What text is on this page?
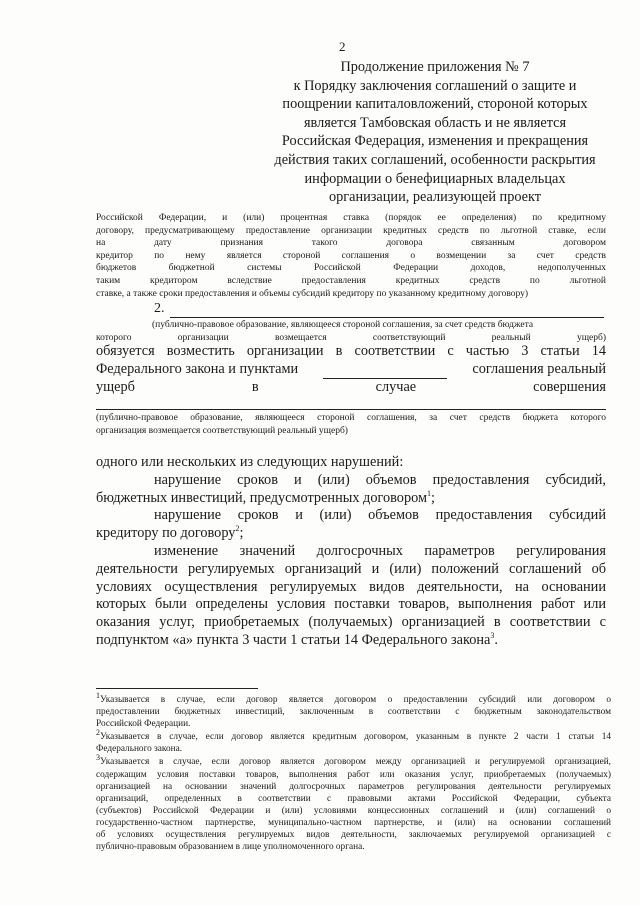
2
Продолжение приложения № 7
к Порядку заключения соглашений о защите и
поощрении капиталовложений, стороной которых
является Тамбовская область и не является
Российская Федерация, изменения и прекращения
действия таких соглашений, особенности раскрытия
информации о бенефициарных владельцах
организации, реализующей проект
Российской Федерации, и (или) процентная ставка (порядок ее определения) по кредитному
договору, предусматривающему предоставление организации кредитных средств по льготной ставке, если
на дату признания такого договора связанным договором
кредитор по нему является стороной соглашения о возмещении за счет средств
бюджетов бюджетной системы Российской Федерации доходов, недополученных
таким кредитором вследствие предоставления кредитных средств по льготной
ставке, а также сроки предоставления и объемы субсидий кредитору по указанному кредитному договору)
2.
(публично-правовое образование, являющееся стороной соглашения, за счет средств бюджета
которого организации возмещается соответствующий реальный ущерб)
обязуется возместить организации в соответствии с частью 3 статьи 14
Федерального закона и пунктами	соглашения реальный
ущерб в случае совершения
(публично-правовое образование, являющееся стороной соглашения, за счет средств бюджета которого
организация возмещается соответствующий реальный ущерб)
одного или нескольких из следующих нарушений:
нарушение сроков и (или) объемов предоставления субсидий,
бюджетных инвестиций, предусмотренных договором$^1$;
нарушение сроков и (или) объемов предоставления субсидий
кредитору по договору$^2$;
изменение значений долгосрочных параметров регулирования
деятельности регулируемых организаций и (или) положений соглашений об
условиях осуществления регулируемых видов деятельности, на основании
которых были определены условия поставки товаров, выполнения работ или
оказания услуг, приобретаемых (получаемых) организацией в соответствии с
подпунктом «а» пункта 3 части 1 статьи 14 Федерального закона$^3$.
$^1$Указывается в случае, если договор является договором о предоставлении субсидий или договором о
предоставлении бюджетных инвестиций, заключенным в соответствии с бюджетным законодательством
Российской Федерации.
$^2$Указывается в случае, если договор является кредитным договором, указанным в пункте 2 части 1 статьи 14
Федерального закона.
$^3$Указывается в случае, если договор является договором между организацией и регулируемой организацией,
содержащим условия поставки товаров, выполнения работ или оказания услуг, приобретаемых (получаемых)
организацией на основании значений долгосрочных параметров регулирования деятельности регулируемых
организаций, определенных в соответствии с правовыми актами Российской Федерации, субъекта
(субъектов) Российской Федерации и (или) условиями концессионных соглашений и (или) соглашений о
государственно-частном партнерстве, муниципально-частном партнерстве, и (или) на основании соглашений
об условиях осуществления регулируемых видов деятельности, заключаемых регулируемой организацией с
публично-правовым образованием в лице уполномоченного органа.
